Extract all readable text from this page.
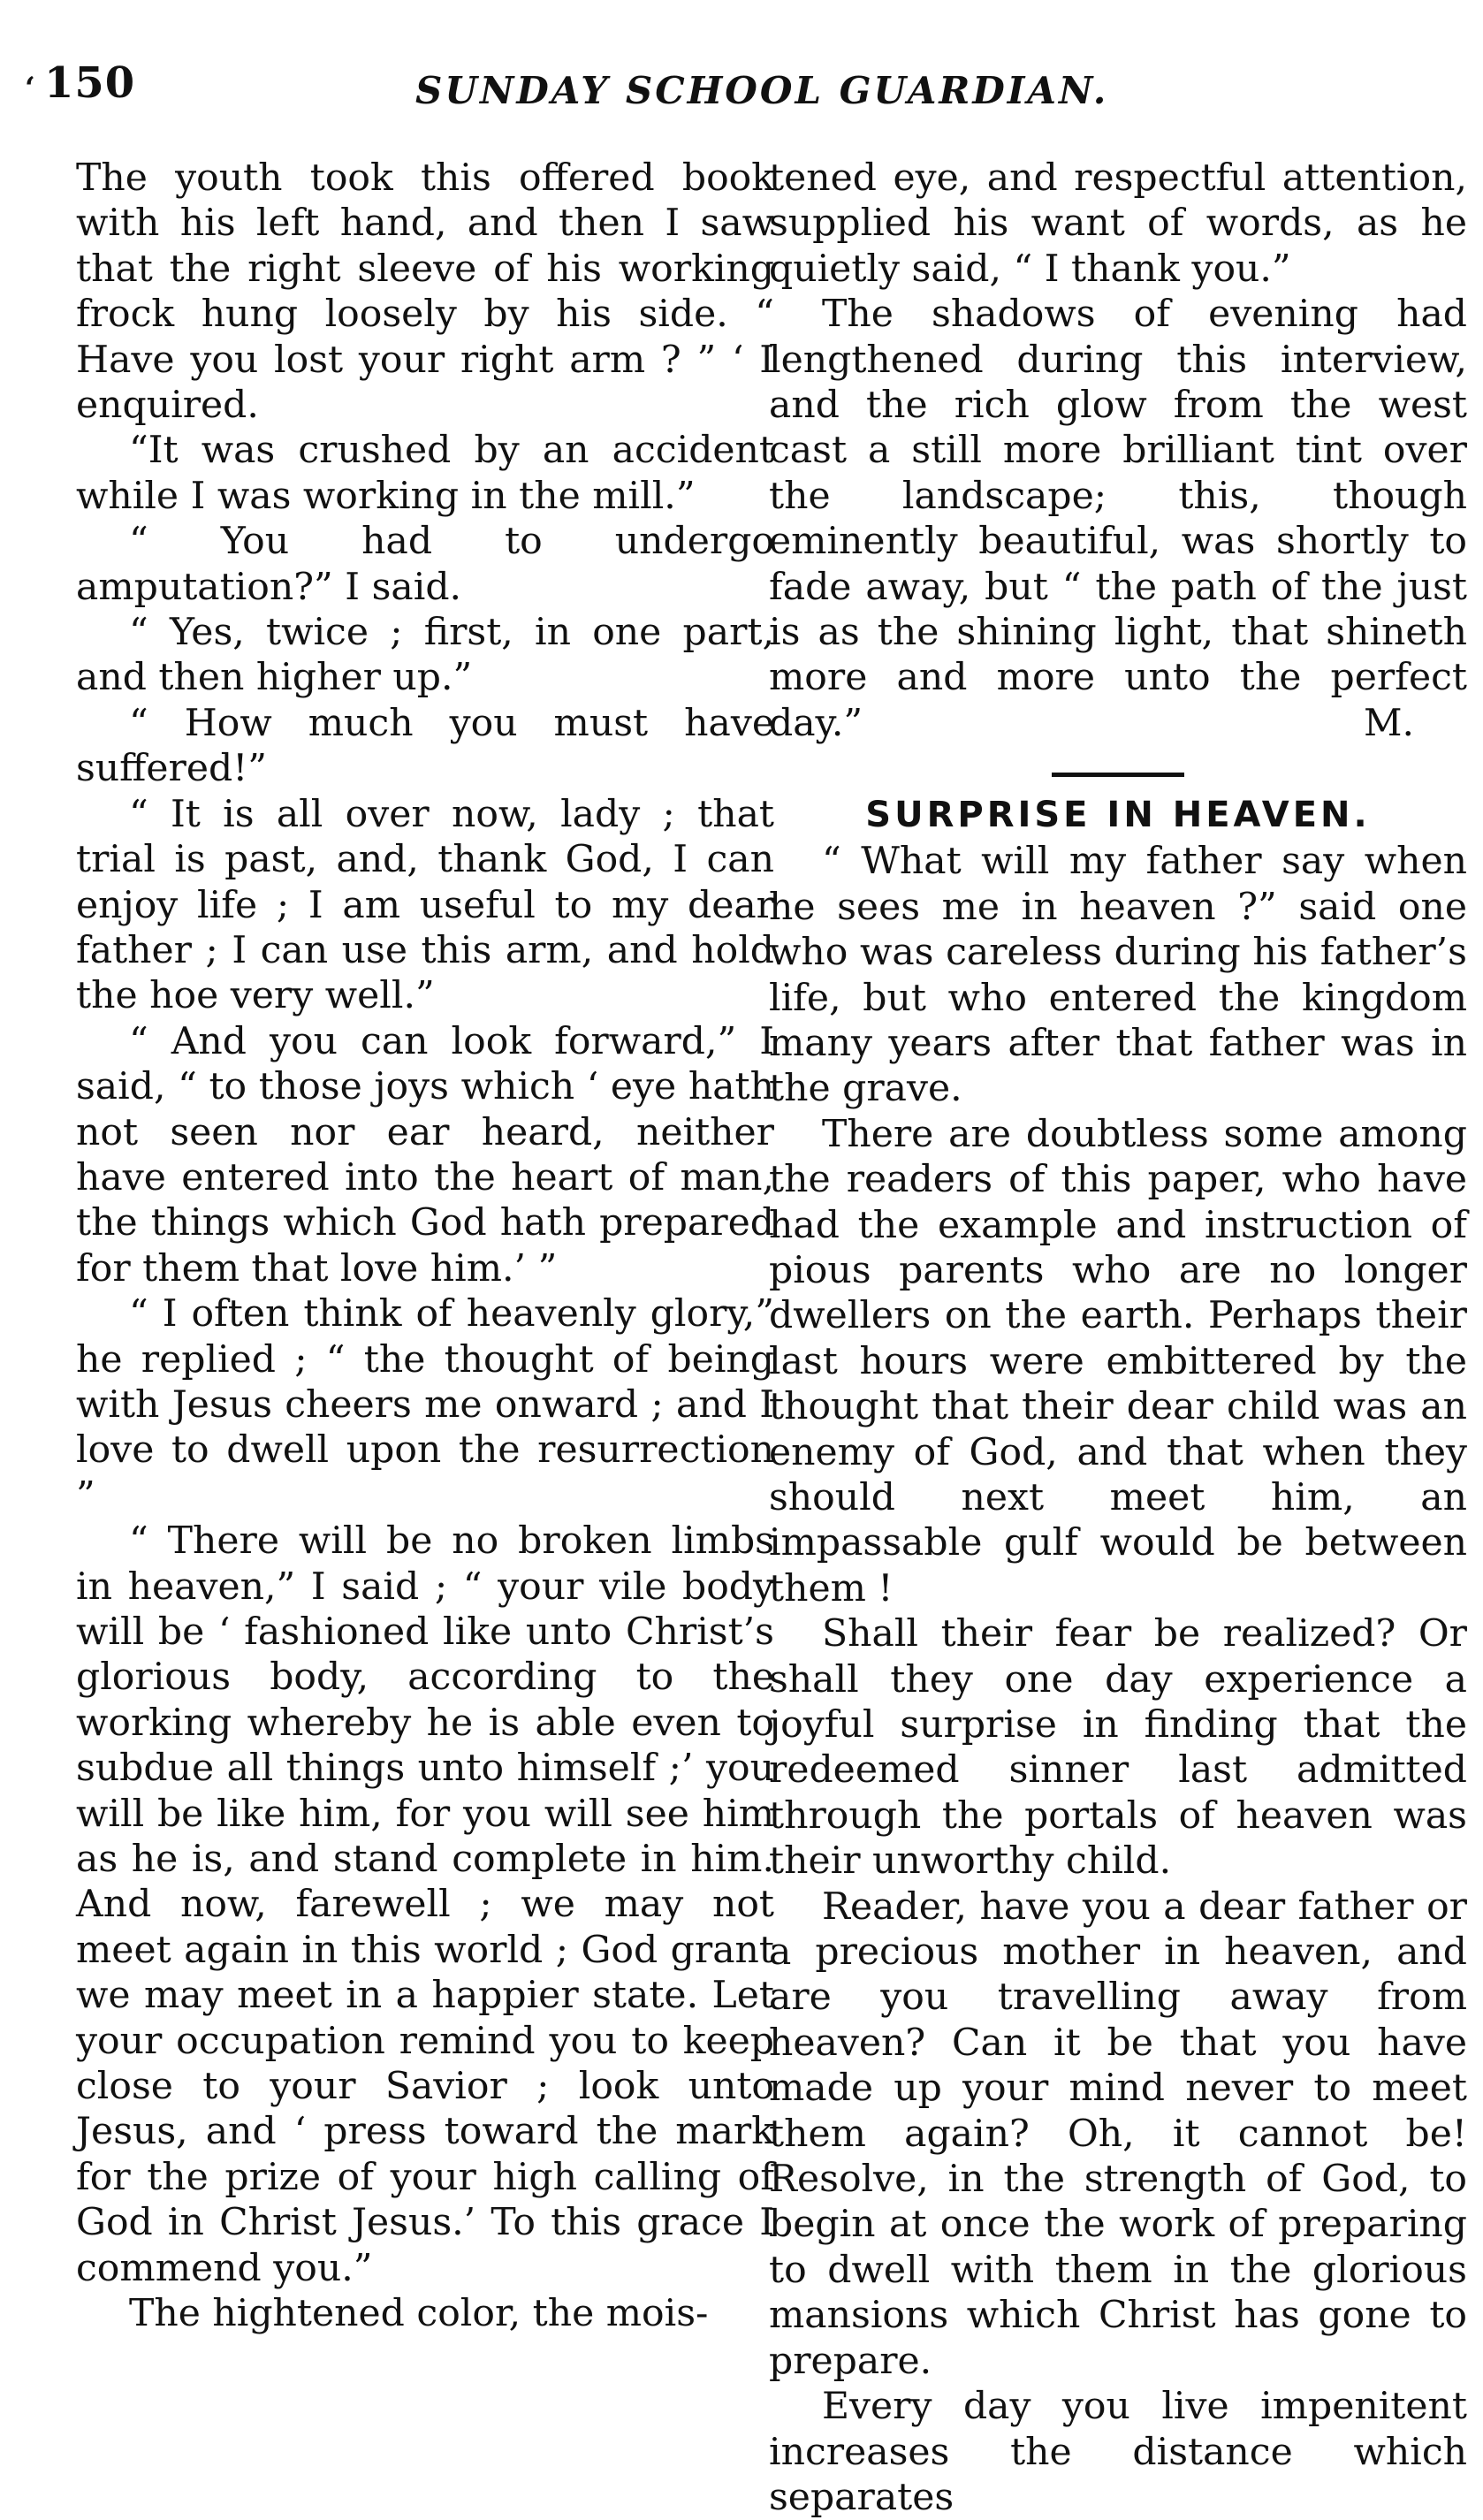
‘ 150	SUNDAY SCHOOL GUARDIAN.

The youth took this offered book with his left hand, and then I saw that the right sleeve of his working frock hung loosely by his side. “ Have you lost your right arm ? ” ‘ I enquired.

“It was crushed by an accident while I was working in the mill.”

“ You had to undergo amputation?” I said.

“ Yes, twice ; first, in one part, and then higher up.”

“ How much you must have suffered!”

“ It is all over now, lady ; that trial is past, and, thank God, I can enjoy life ; I am useful to my dear father ; I can use this arm, and hold the hoe very well.”

“ And you can look forward,” I said, “ to those joys which ‘ eye hath not seen nor ear heard, neither have entered into the heart of man, the things which God hath prepared for them that love him.’ ”

“ I often think of heavenly glory,” he replied ; “ the thought of being with Jesus cheers me onward ; and I love to dwell upon the resurrection ”

“ There will be no broken limbs in heaven,” I said ; “ your vile body will be ‘ fashioned like unto Christ’s glorious body, according to the working whereby he is able even to subdue all things unto himself ;’ you will be like him, for you will see him as he is, and stand complete in him. And now, farewell ; we may not meet again in this world ; God grant we may meet in a happier state. Let your occupation remind you to keep close to your Savior ; look unto Jesus, and ‘ press toward the mark for the prize of your high calling of God in Christ Jesus.’ To this grace I commend you.”

The hightened color, the mois-

tened eye, and respectful attention, supplied his want of words, as he quietly said, “ I thank you.”

The shadows of evening had lengthened during this interview, and the rich glow from the west cast a still more brilliant tint over the landscape; this, though eminently beautiful, was shortly to fade away, but “ the path of the just is as the shining light, that shineth more and more unto the perfect day.”	M.

SURPRISE IN HEAVEN.

“ What will my father say when he sees me in heaven ?” said one who was careless during his father’s life, but who entered the kingdom many years after that father was in the grave.

There are doubtless some among the readers of this paper, who have had the example and instruction of pious parents who are no longer dwellers on the earth. Perhaps their last hours were embittered by the thought that their dear child was an enemy of God, and that when they should next meet him, an impassable gulf would be between them !

Shall their fear be realized? Or shall they one day experience a joyful surprise in finding that the redeemed sinner last admitted through the portals of heaven was their unworthy child.

Reader, have you a dear father or a precious mother in heaven, and are you travelling away from heaven? Can it be that you have made up your mind never to meet them again? Oh, it cannot be! Resolve, in the strength of God, to begin at once the work of preparing to dwell with them in the glorious mansions which Christ has gone to prepare.

Every day you live impenitent increases the distance which separates
